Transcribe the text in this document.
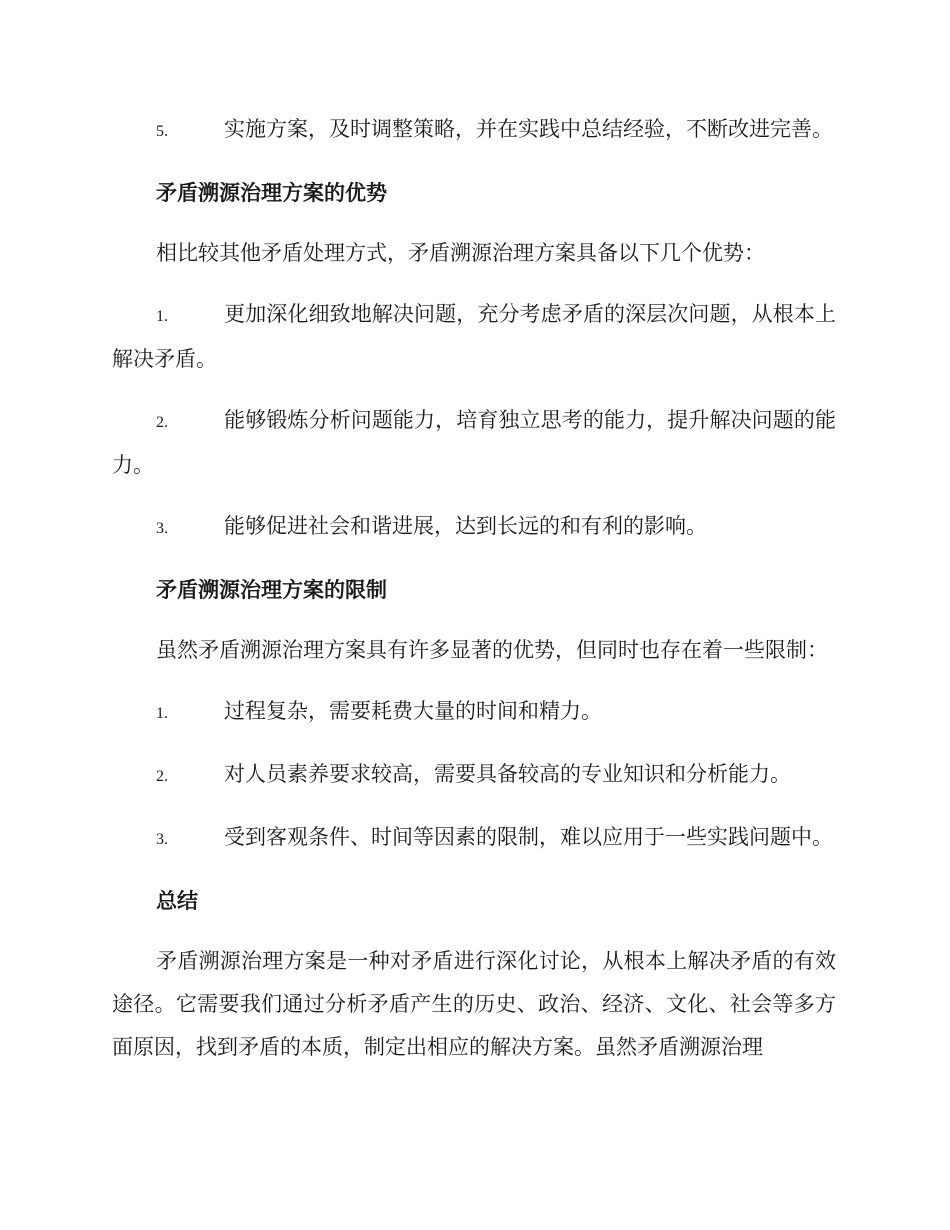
5.	实施方案，及时调整策略，并在实践中总结经验，不断改进完善。

矛盾溯源治理方案的优势

相比较其他矛盾处理方式，矛盾溯源治理方案具备以下几个优势：

1.	更加深化细致地解决问题，充分考虑矛盾的深层次问题，从根本上解决矛盾。

2.	能够锻炼分析问题能力，培育独立思考的能力，提升解决问题的能力。

3.	能够促进社会和谐进展，达到长远的和有利的影响。

矛盾溯源治理方案的限制

虽然矛盾溯源治理方案具有许多显著的优势，但同时也存在着一些限制：

1.	过程复杂，需要耗费大量的时间和精力。

2.	对人员素养要求较高，需要具备较高的专业知识和分析能力。

3.	受到客观条件、时间等因素的限制，难以应用于一些实践问题中。

总结

矛盾溯源治理方案是一种对矛盾进行深化讨论，从根本上解决矛盾的有效途径。它需要我们通过分析矛盾产生的历史、政治、经济、文化、社会等多方面原因，找到矛盾的本质，制定出相应的解决方案。虽然矛盾溯源治理
